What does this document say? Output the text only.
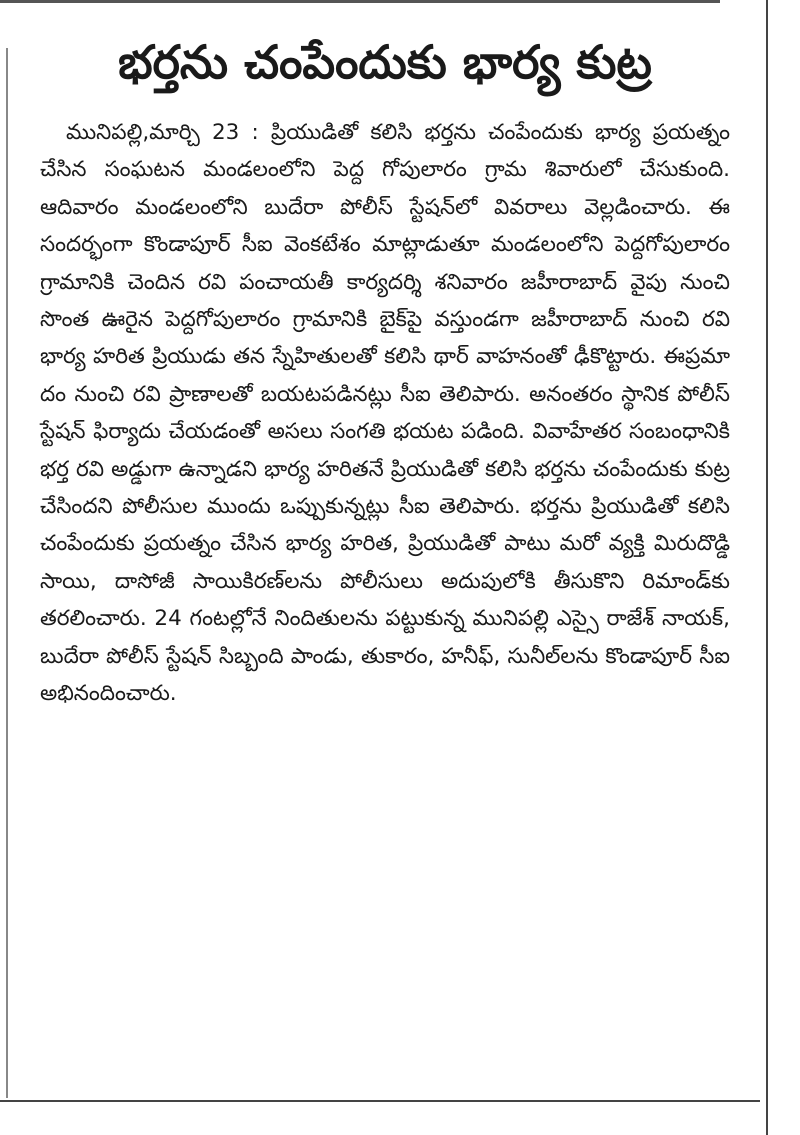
భర్తను చంపేందుకు భార్య కుట్ర

మునిపల్లి,మార్చి 23 : ప్రియుడితో కలిసి భర్తను చంపేందుకు భార్య ప్రయత్నం చేసిన సంఘటన మండలంలోని పెద్ద గోపులారం గ్రామ శివారులో చేసుకుంది. ఆదివారం మండలంలోని బుదేరా పోలీస్ స్టేషన్‌లో వివరాలు వెల్లడించారు. ఈ సందర్భంగా కొండాపూర్ సీఐ వెంకటేశం మాట్లాడుతూ మండలంలోని పెద్దగోపులారం గ్రామానికి చెందిన రవి పంచాయతీ కార్యదర్శి శనివారం జహీరాబాద్ వైపు నుంచి సొంత ఊరైన పెద్దగోపులారం గ్రామానికి బైక్‌పై వస్తుండగా జహీరాబాద్ నుంచి రవి భార్య హరిత ప్రియుడు తన స్నేహితులతో కలిసి థార్ వాహనంతో ఢీకొట్టారు. ఈప్రమా దం నుంచి రవి ప్రాణాలతో బయటపడినట్లు సీఐ తెలిపారు. అనంతరం స్థానిక పోలీస్ స్టేషన్ ఫిర్యాదు చేయడంతో అసలు సంగతి భయట పడింది. వివాహేతర సంబంధానికి భర్త రవి అడ్డుగా ఉన్నాడని భార్య హరితనే ప్రియుడితో కలిసి భర్తను చంపేందుకు కుట్ర చేసిందని పోలీసుల ముందు ఒప్పుకున్నట్లు సీఐ తెలిపారు. భర్తను ప్రియుడితో కలిసి చంపేందుకు ప్రయత్నం చేసిన భార్య హరిత, ప్రియుడితో పాటు మరో వ్యక్తి మిరుదొడ్డి సాయి, దాసోజీ సాయికిరణ్‌లను పోలీసులు అదుపులోకి తీసుకొని రిమాండ్‌కు తరలించారు. 24 గంటల్లోనే నిందితులను పట్టుకున్న మునిపల్లి ఎస్సై రాజేశ్ నాయక్, బుదేరా పోలీస్ స్టేషన్ సిబ్బంది పాండు, తుకారం, హనీఫ్, సునీల్‌లను కొండాపూర్ సీఐ అభినందించారు.
